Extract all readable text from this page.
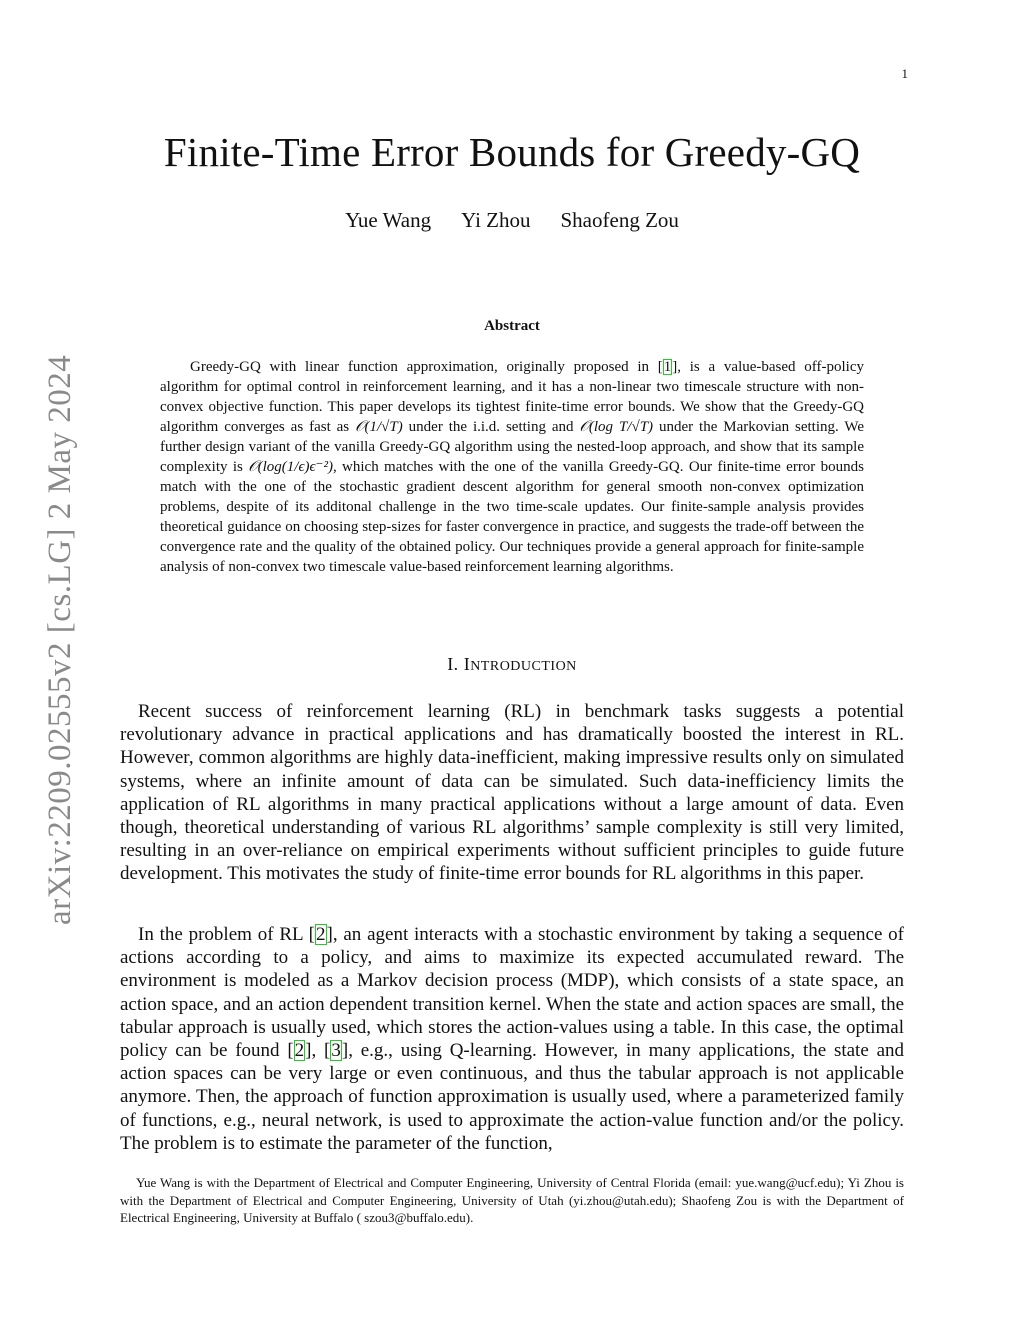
1
arXiv:2209.02555v2 [cs.LG] 2 May 2024
Finite-Time Error Bounds for Greedy-GQ
Yue Wang Yi Zhou Shaofeng Zou
Abstract

Greedy-GQ with linear function approximation, originally proposed in [1], is a value-based off-policy algorithm for optimal control in reinforcement learning, and it has a non-linear two timescale structure with non-convex objective function. This paper develops its tightest finite-time error bounds. We show that the Greedy-GQ algorithm converges as fast as 𝒪(1/√T) under the i.i.d. setting and 𝒪(log T/√T) under the Markovian setting. We further design variant of the vanilla Greedy-GQ algorithm using the nested-loop approach, and show that its sample complexity is 𝒪(log(1/ϵ)ϵ⁻²), which matches with the one of the vanilla Greedy-GQ. Our finite-time error bounds match with the one of the stochastic gradient descent algorithm for general smooth non-convex optimization problems, despite of its additonal challenge in the two time-scale updates. Our finite-sample analysis provides theoretical guidance on choosing step-sizes for faster convergence in practice, and suggests the trade-off between the convergence rate and the quality of the obtained policy. Our techniques provide a general approach for finite-sample analysis of non-convex two timescale value-based reinforcement learning algorithms.

I. INTRODUCTION

Recent success of reinforcement learning (RL) in benchmark tasks suggests a potential revolutionary advance in practical applications and has dramatically boosted the interest in RL. However, common algorithms are highly data-inefficient, making impressive results only on simulated systems, where an infinite amount of data can be simulated. Such data-inefficiency limits the application of RL algorithms in many practical applications without a large amount of data. Even though, theoretical understanding of various RL algorithms’ sample complexity is still very limited, resulting in an over-reliance on empirical experiments without sufficient principles to guide future development. This motivates the study of finite-time error bounds for RL algorithms in this paper.

In the problem of RL [2], an agent interacts with a stochastic environment by taking a sequence of actions according to a policy, and aims to maximize its expected accumulated reward. The environment is modeled as a Markov decision process (MDP), which consists of a state space, an action space, and an action dependent transition kernel. When the state and action spaces are small, the tabular approach is usually used, which stores the action-values using a table. In this case, the optimal policy can be found [2], [3], e.g., using Q-learning. However, in many applications, the state and action spaces can be very large or even continuous, and thus the tabular approach is not applicable anymore. Then, the approach of function approximation is usually used, where a parameterized family of functions, e.g., neural network, is used to approximate the action-value function and/or the policy. The problem is to estimate the parameter of the function,

Yue Wang is with the Department of Electrical and Computer Engineering, University of Central Florida (email: yue.wang@ucf.edu); Yi Zhou is with the Department of Electrical and Computer Engineering, University of Utah (yi.zhou@utah.edu); Shaofeng Zou is with the Department of Electrical Engineering, University at Buffalo ( szou3@buffalo.edu).
